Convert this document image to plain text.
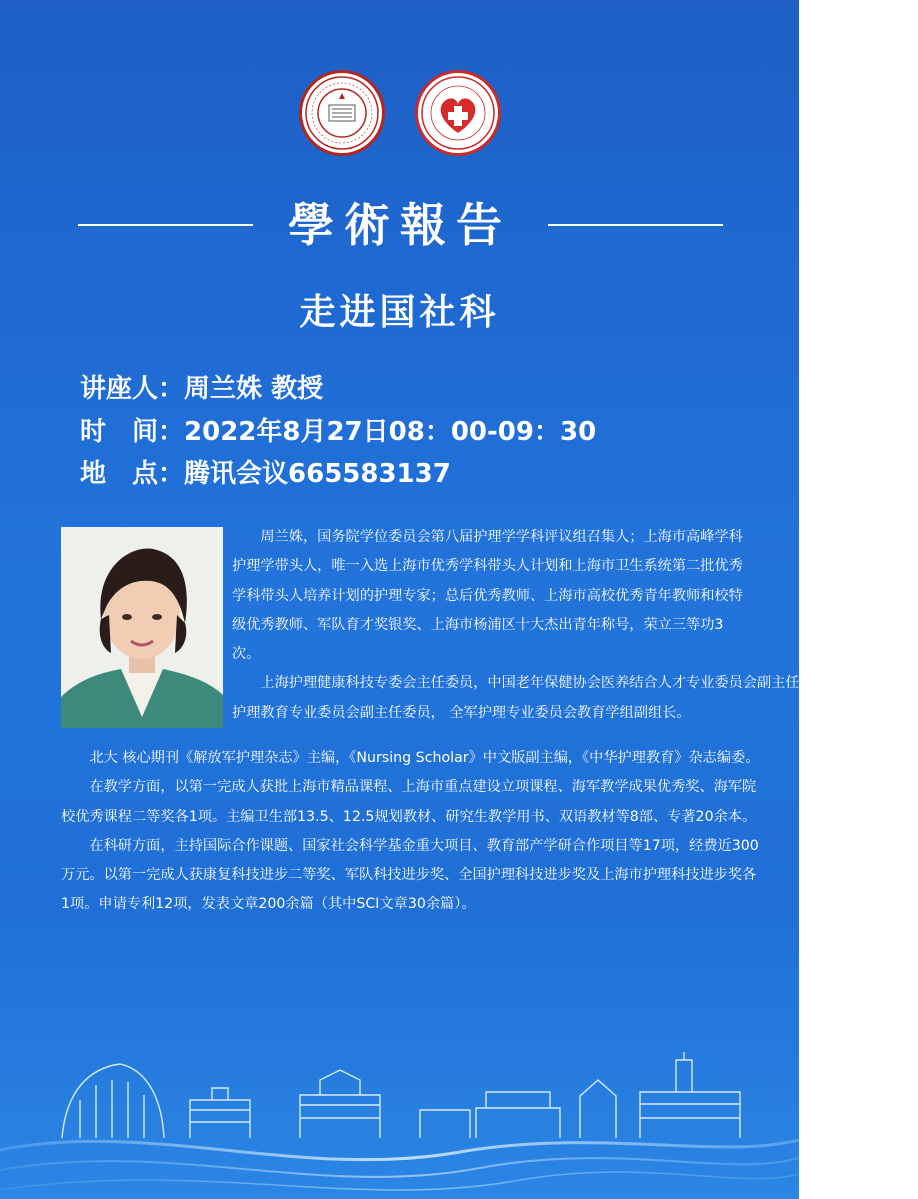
學術報告
走进国社科
讲座人：周兰姝 教授
时　间：2022年8月27日08：00-09：30
地　点：腾讯会议665583137

周兰姝，国务院学位委员会第八届护理学学科评议组召集人；上海市高峰学科护理学带头人，唯一入选上海市优秀学科带头人计划和上海市卫生系统第二批优秀学科带头人培养计划的护理专家；总后优秀教师、上海市高校优秀青年教师和校特级优秀教师、军队育才奖银奖、上海市杨浦区十大杰出青年称号，荣立三等功3次。

上海护理健康科技专委会主任委员，中国老年保健协会医养结合人才专业委员会副主任委员，研究型医院护理教育专业委员会副主任委员， 全军护理专业委员会教育学组副组长。

北大 核心期刊《解放军护理杂志》主编，《Nursing Scholar》中文版副主编，《中华护理教育》杂志编委。

在教学方面，以第一完成人获批上海市精品课程、上海市重点建设立项课程、海军教学成果优秀奖、海军院校优秀课程二等奖各1项。主编卫生部13.5、12.5规划教材、研究生教学用书、双语教材等8部、专著20余本。

在科研方面，主持国际合作课题、国家社会科学基金重大项目、教育部产学研合作项目等17项，经费近300万元。以第一完成人获康复科技进步二等奖、军队科技进步奖、全国护理科技进步奖及上海市护理科技进步奖各1项。申请专利12项，发表文章200余篇（其中SCI文章30余篇）。
